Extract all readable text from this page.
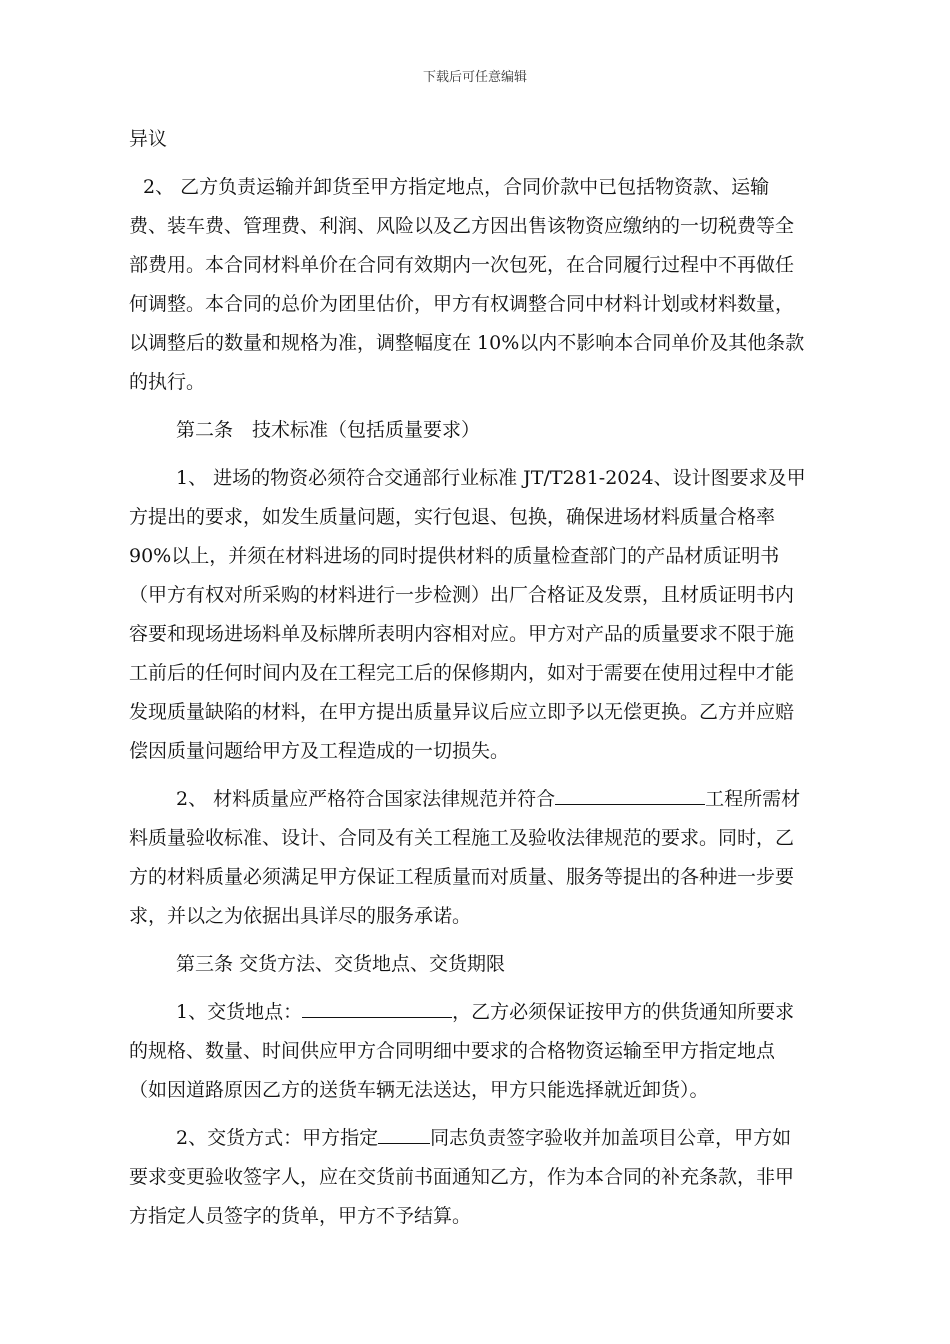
下载后可任意编辑

异议

2、 乙方负责运输并卸货至甲方指定地点，合同价款中已包括物资款、运输
费、装车费、管理费、利润、风险以及乙方因出售该物资应缴纳的一切税费等全
部费用。本合同材料单价在合同有效期内一次包死，在合同履行过程中不再做任
何调整。本合同的总价为团里估价，甲方有权调整合同中材料计划或材料数量，
以调整后的数量和规格为准，调整幅度在 10%以内不影响本合同单价及其他条款
的执行。

第二条　技术标准（包括质量要求）

1、 进场的物资必须符合交通部行业标准 JT/T281-2024、设计图要求及甲
方提出的要求，如发生质量问题，实行包退、包换，确保进场材料质量合格率
90%以上，并须在材料进场的同时提供材料的质量检查部门的产品材质证明书
（甲方有权对所采购的材料进行一步检测）出厂合格证及发票，且材质证明书内
容要和现场进场料单及标牌所表明内容相对应。甲方对产品的质量要求不限于施
工前后的任何时间内及在工程完工后的保修期内，如对于需要在使用过程中才能
发现质量缺陷的材料，在甲方提出质量异议后应立即予以无偿更换。乙方并应赔
偿因质量问题给甲方及工程造成的一切损失。

2、 材料质量应严格符合国家法律规范并符合	工程所需材
料质量验收标准、设计、合同及有关工程施工及验收法律规范的要求。同时，乙
方的材料质量必须满足甲方保证工程质量而对质量、服务等提出的各种进一步要
求，并以之为依据出具详尽的服务承诺。

第三条 交货方法、交货地点、交货期限

1、交货地点：	，乙方必须保证按甲方的供货通知所要求
的规格、数量、时间供应甲方合同明细中要求的合格物资运输至甲方指定地点
（如因道路原因乙方的送货车辆无法送达，甲方只能选择就近卸货）。

2、交货方式：甲方指定	同志负责签字验收并加盖项目公章，甲方如
要求变更验收签字人，应在交货前书面通知乙方，作为本合同的补充条款，非甲
方指定人员签字的货单，甲方不予结算。
